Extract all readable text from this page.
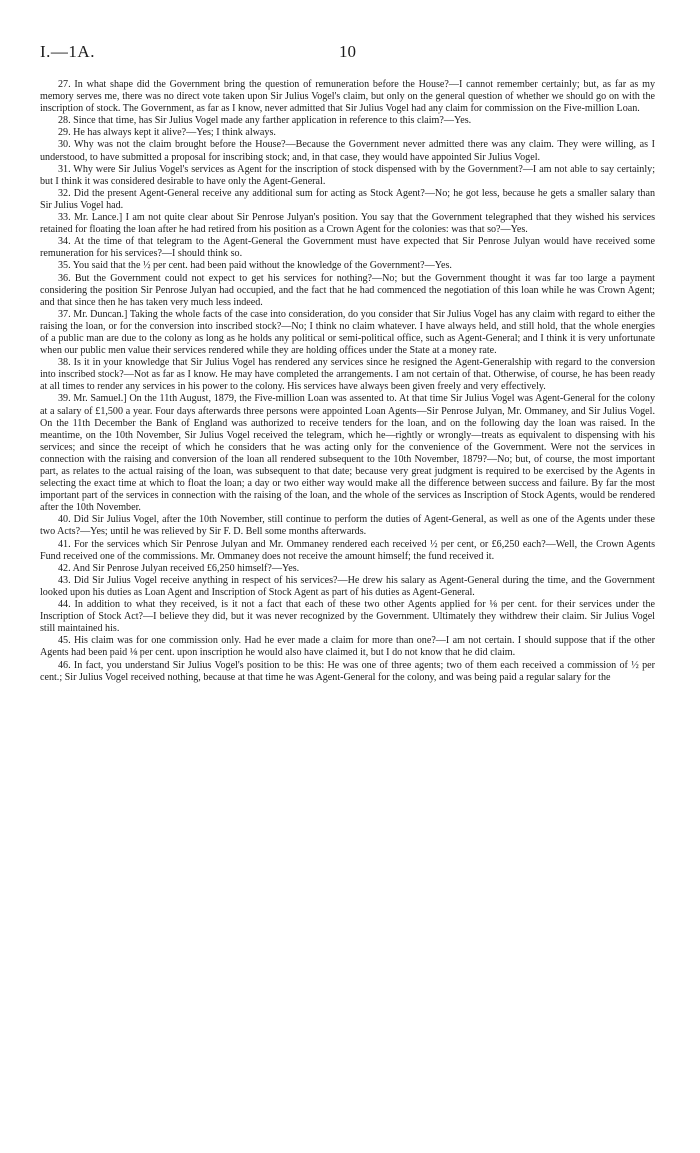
I.—1A.	10

27. In what shape did the Government bring the question of remuneration before the House?—I cannot remember certainly; but, as far as my memory serves me, there was no direct vote taken upon Sir Julius Vogel's claim, but only on the general question of whether we should go on with the inscription of stock. The Government, as far as I know, never admitted that Sir Julius Vogel had any claim for commission on the Five-million Loan.

28. Since that time, has Sir Julius Vogel made any farther application in reference to this claim?—Yes.

29. He has always kept it alive?—Yes; I think always.

30. Why was not the claim brought before the House?—Because the Government never admitted there was any claim. They were willing, as I understood, to have submitted a proposal for inscribing stock; and, in that case, they would have appointed Sir Julius Vogel.

31. Why were Sir Julius Vogel's services as Agent for the inscription of stock dispensed with by the Government?—I am not able to say certainly; but I think it was considered desirable to have only the Agent-General.

32. Did the present Agent-General receive any additional sum for acting as Stock Agent?—No; he got less, because he gets a smaller salary than Sir Julius Vogel had.

33. Mr. Lance.] I am not quite clear about Sir Penrose Julyan's position. You say that the Government telegraphed that they wished his services retained for floating the loan after he had retired from his position as a Crown Agent for the colonies: was that so?—Yes.

34. At the time of that telegram to the Agent-General the Government must have expected that Sir Penrose Julyan would have received some remuneration for his services?—I should think so.

35. You said that the ½ per cent. had been paid without the knowledge of the Government?—Yes.

36. But the Government could not expect to get his services for nothing?—No; but the Government thought it was far too large a payment considering the position Sir Penrose Julyan had occupied, and the fact that he had commenced the negotiation of this loan while he was Crown Agent; and that since then he has taken very much less indeed.

37. Mr. Duncan.] Taking the whole facts of the case into consideration, do you consider that Sir Julius Vogel has any claim with regard to either the raising the loan, or for the conversion into inscribed stock?—No; I think no claim whatever. I have always held, and still hold, that the whole energies of a public man are due to the colony as long as he holds any political or semi-political office, such as Agent-General; and I think it is very unfortunate when our public men value their services rendered while they are holding offices under the State at a money rate.

38. Is it in your knowledge that Sir Julius Vogel has rendered any services since he resigned the Agent-Generalship with regard to the conversion into inscribed stock?—Not as far as I know. He may have completed the arrangements. I am not certain of that. Otherwise, of course, he has been ready at all times to render any services in his power to the colony. His services have always been given freely and very effectively.

39. Mr. Samuel.] On the 11th August, 1879, the Five-million Loan was assented to. At that time Sir Julius Vogel was Agent-General for the colony at a salary of £1,500 a year. Four days afterwards three persons were appointed Loan Agents—Sir Penrose Julyan, Mr. Ommaney, and Sir Julius Vogel. On the 11th December the Bank of England was authorized to receive tenders for the loan, and on the following day the loan was raised. In the meantime, on the 10th November, Sir Julius Vogel received the telegram, which he—rightly or wrongly—treats as equivalent to dispensing with his services; and since the receipt of which he considers that he was acting only for the convenience of the Government. Were not the services in connection with the raising and conversion of the loan all rendered subsequent to the 10th November, 1879?—No; but, of course, the most important part, as relates to the actual raising of the loan, was subsequent to that date; because very great judgment is required to be exercised by the Agents in selecting the exact time at which to float the loan; a day or two either way would make all the difference between success and failure. By far the most important part of the services in connection with the raising of the loan, and the whole of the services as Inscription of Stock Agents, would be rendered after the 10th November.

40. Did Sir Julius Vogel, after the 10th November, still continue to perform the duties of Agent-General, as well as one of the Agents under these two Acts?—Yes; until he was relieved by Sir F. D. Bell some months afterwards.

41. For the services which Sir Penrose Julyan and Mr. Ommaney rendered each received ½ per cent, or £6,250 each?—Well, the Crown Agents Fund received one of the commissions. Mr. Ommaney does not receive the amount himself; the fund received it.

42. And Sir Penrose Julyan received £6,250 himself?—Yes.

43. Did Sir Julius Vogel receive anything in respect of his services?—He drew his salary as Agent-General during the time, and the Government looked upon his duties as Loan Agent and Inscription of Stock Agent as part of his duties as Agent-General.

44. In addition to what they received, is it not a fact that each of these two other Agents applied for ⅛ per cent. for their services under the Inscription of Stock Act?—I believe they did, but it was never recognized by the Government. Ultimately they withdrew their claim. Sir Julius Vogel still maintained his.

45. His claim was for one commission only. Had he ever made a claim for more than one?—I am not certain. I should suppose that if the other Agents had been paid ⅛ per cent. upon inscription he would also have claimed it, but I do not know that he did claim.

46. In fact, you understand Sir Julius Vogel's position to be this: He was one of three agents; two of them each received a commission of ½ per cent.; Sir Julius Vogel received nothing, because at that time he was Agent-General for the colony, and was being paid a regular salary for the
